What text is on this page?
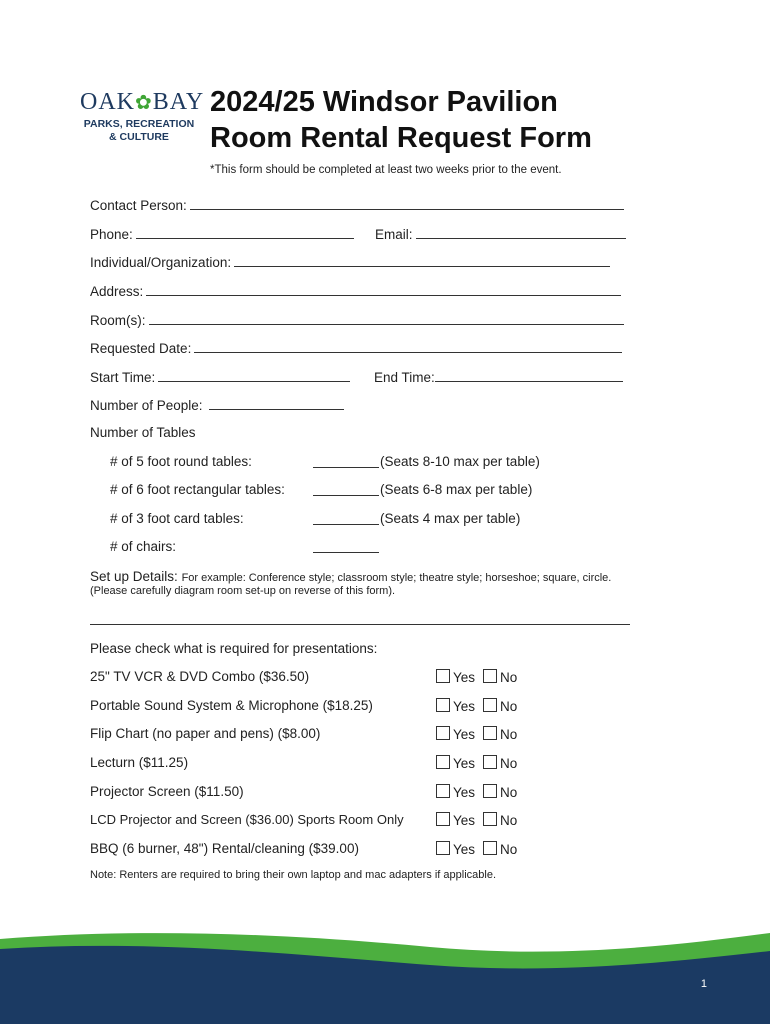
OAK✿BAY
PARKS, RECREATION
& CULTURE
2024/25 Windsor Pavilion
Room Rental Request Form
*This form should be completed at least two weeks prior to the event.
Contact Person:
Phone:	Email:
Individual/Organization:
Address:
Room(s):
Requested Date:
Start Time:	End Time:
Number of People:
Number of Tables
# of 5 foot round tables:	(Seats 8-10 max per table)
# of 6 foot rectangular tables:	(Seats 6-8 max per table)
# of 3 foot card tables:	(Seats 4 max per table)
# of chairs:
Set up Details: For example: Conference style; classroom style; theatre style; horseshoe; square, circle.
(Please carefully diagram room set-up on reverse of this form).
Please check what is required for presentations:
25" TV VCR & DVD Combo ($36.50)	Yes No
Portable Sound System & Microphone ($18.25)	Yes No
Flip Chart (no paper and pens) ($8.00)	Yes No
Lecturn ($11.25)	Yes No
Projector Screen ($11.50)	Yes No
LCD Projector and Screen ($36.00) Sports Room Only	Yes No
BBQ (6 burner, 48") Rental/cleaning ($39.00)	Yes No
Note: Renters are required to bring their own laptop and mac adapters if applicable.
1
